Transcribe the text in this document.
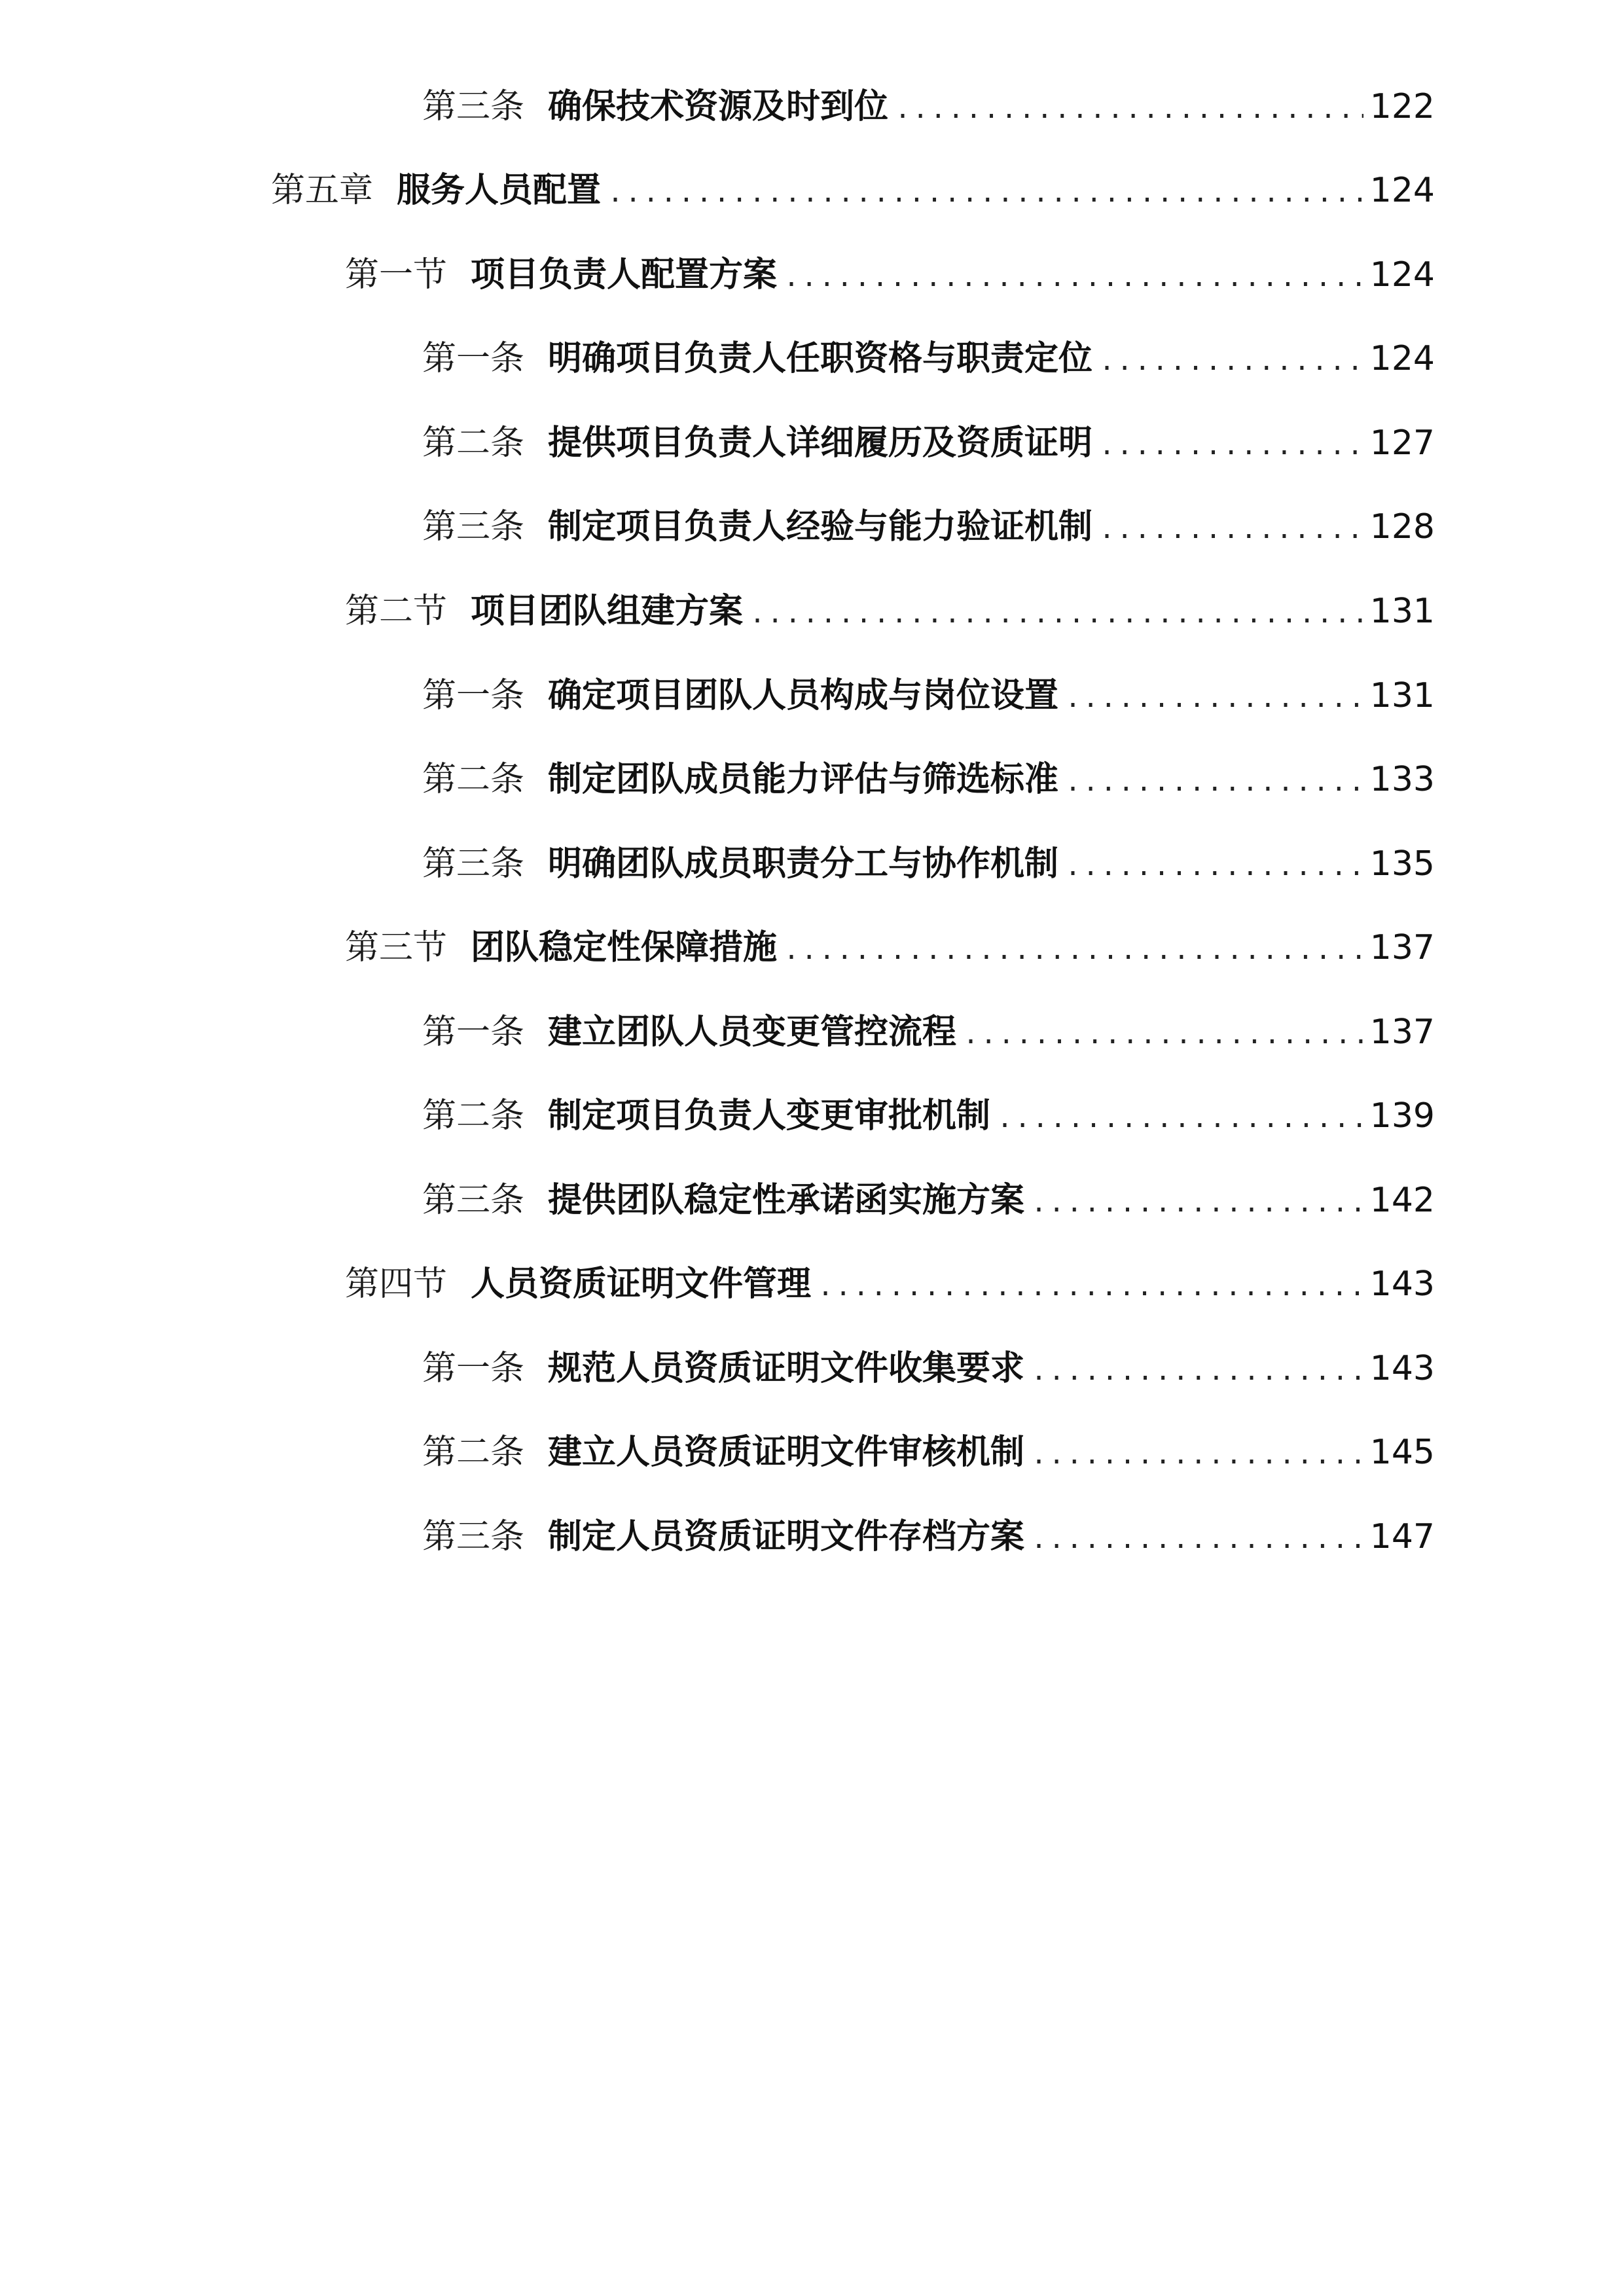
第三条 确保技术资源及时到位 .....	122
第五章 服务人员配置 .....	124
第一节 项目负责人配置方案 .....	124
第一条 明确项目负责人任职资格与职责定位 .....	124
第二条 提供项目负责人详细履历及资质证明 .....	127
第三条 制定项目负责人经验与能力验证机制 .....	128
第二节 项目团队组建方案 .....	131
第一条 确定项目团队人员构成与岗位设置 .....	131
第二条 制定团队成员能力评估与筛选标准 .....	133
第三条 明确团队成员职责分工与协作机制 .....	135
第三节 团队稳定性保障措施 .....	137
第一条 建立团队人员变更管控流程 .....	137
第二条 制定项目负责人变更审批机制 .....	139
第三条 提供团队稳定性承诺函实施方案 .....	142
第四节 人员资质证明文件管理 .....	143
第一条 规范人员资质证明文件收集要求 .....	143
第二条 建立人员资质证明文件审核机制 .....	145
第三条 制定人员资质证明文件存档方案 .....	147
